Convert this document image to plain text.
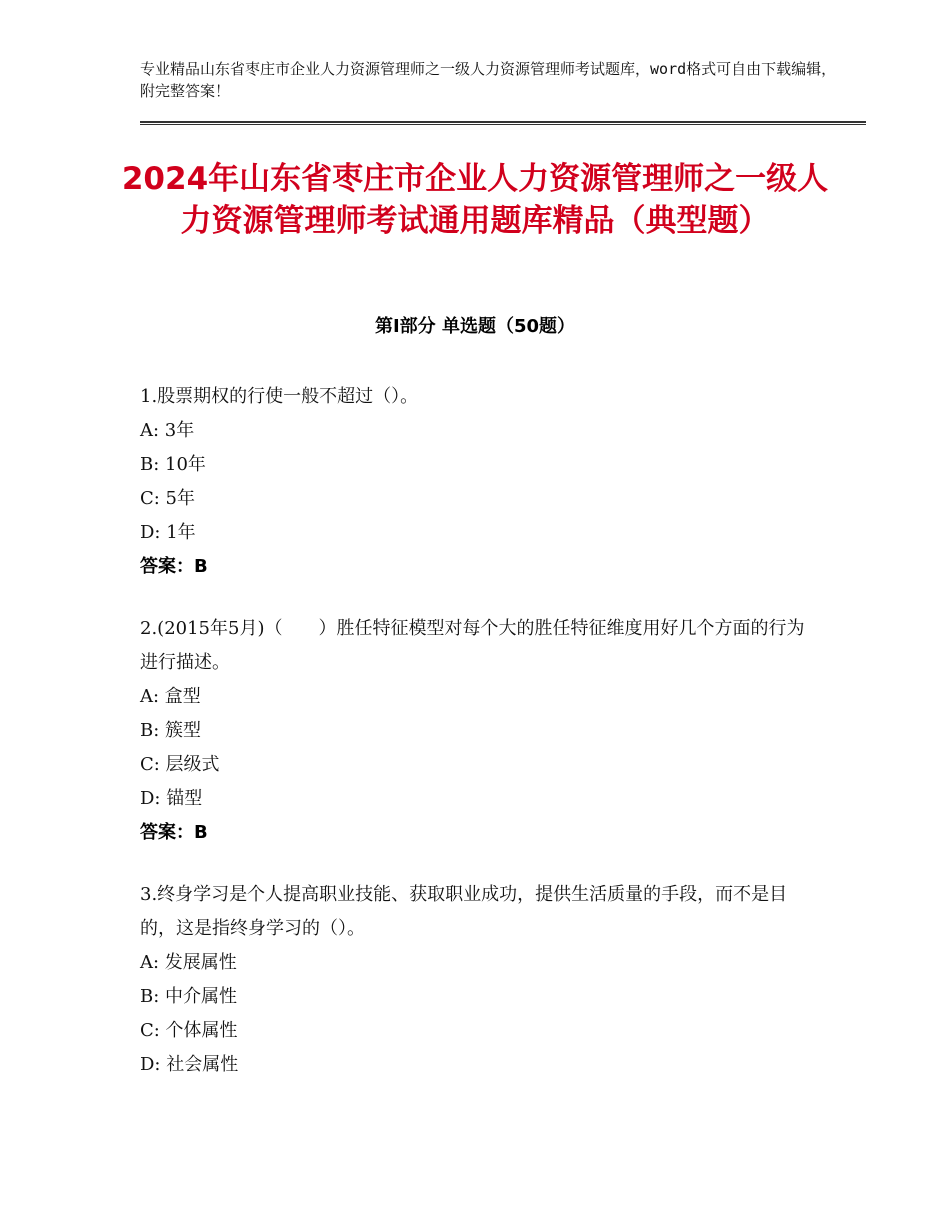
专业精品山东省枣庄市企业人力资源管理师之一级人力资源管理师考试题库，word格式可自由下载编辑，附完整答案！
2024年山东省枣庄市企业人力资源管理师之一级人力资源管理师考试通用题库精品（典型题）
第Ⅰ部分 单选题（50题）
1.股票期权的行使一般不超过（）。
A: 3年
B: 10年
C: 5年
D: 1年
答案：B
2.(2015年5月)（　　）胜任特征模型对每个大的胜任特征维度用好几个方面的行为进行描述。
A: 盒型
B: 簇型
C: 层级式
D: 锚型
答案：B
3.终身学习是个人提高职业技能、获取职业成功，提供生活质量的手段，而不是目的，这是指终身学习的（）。
A: 发展属性
B: 中介属性
C: 个体属性
D: 社会属性
